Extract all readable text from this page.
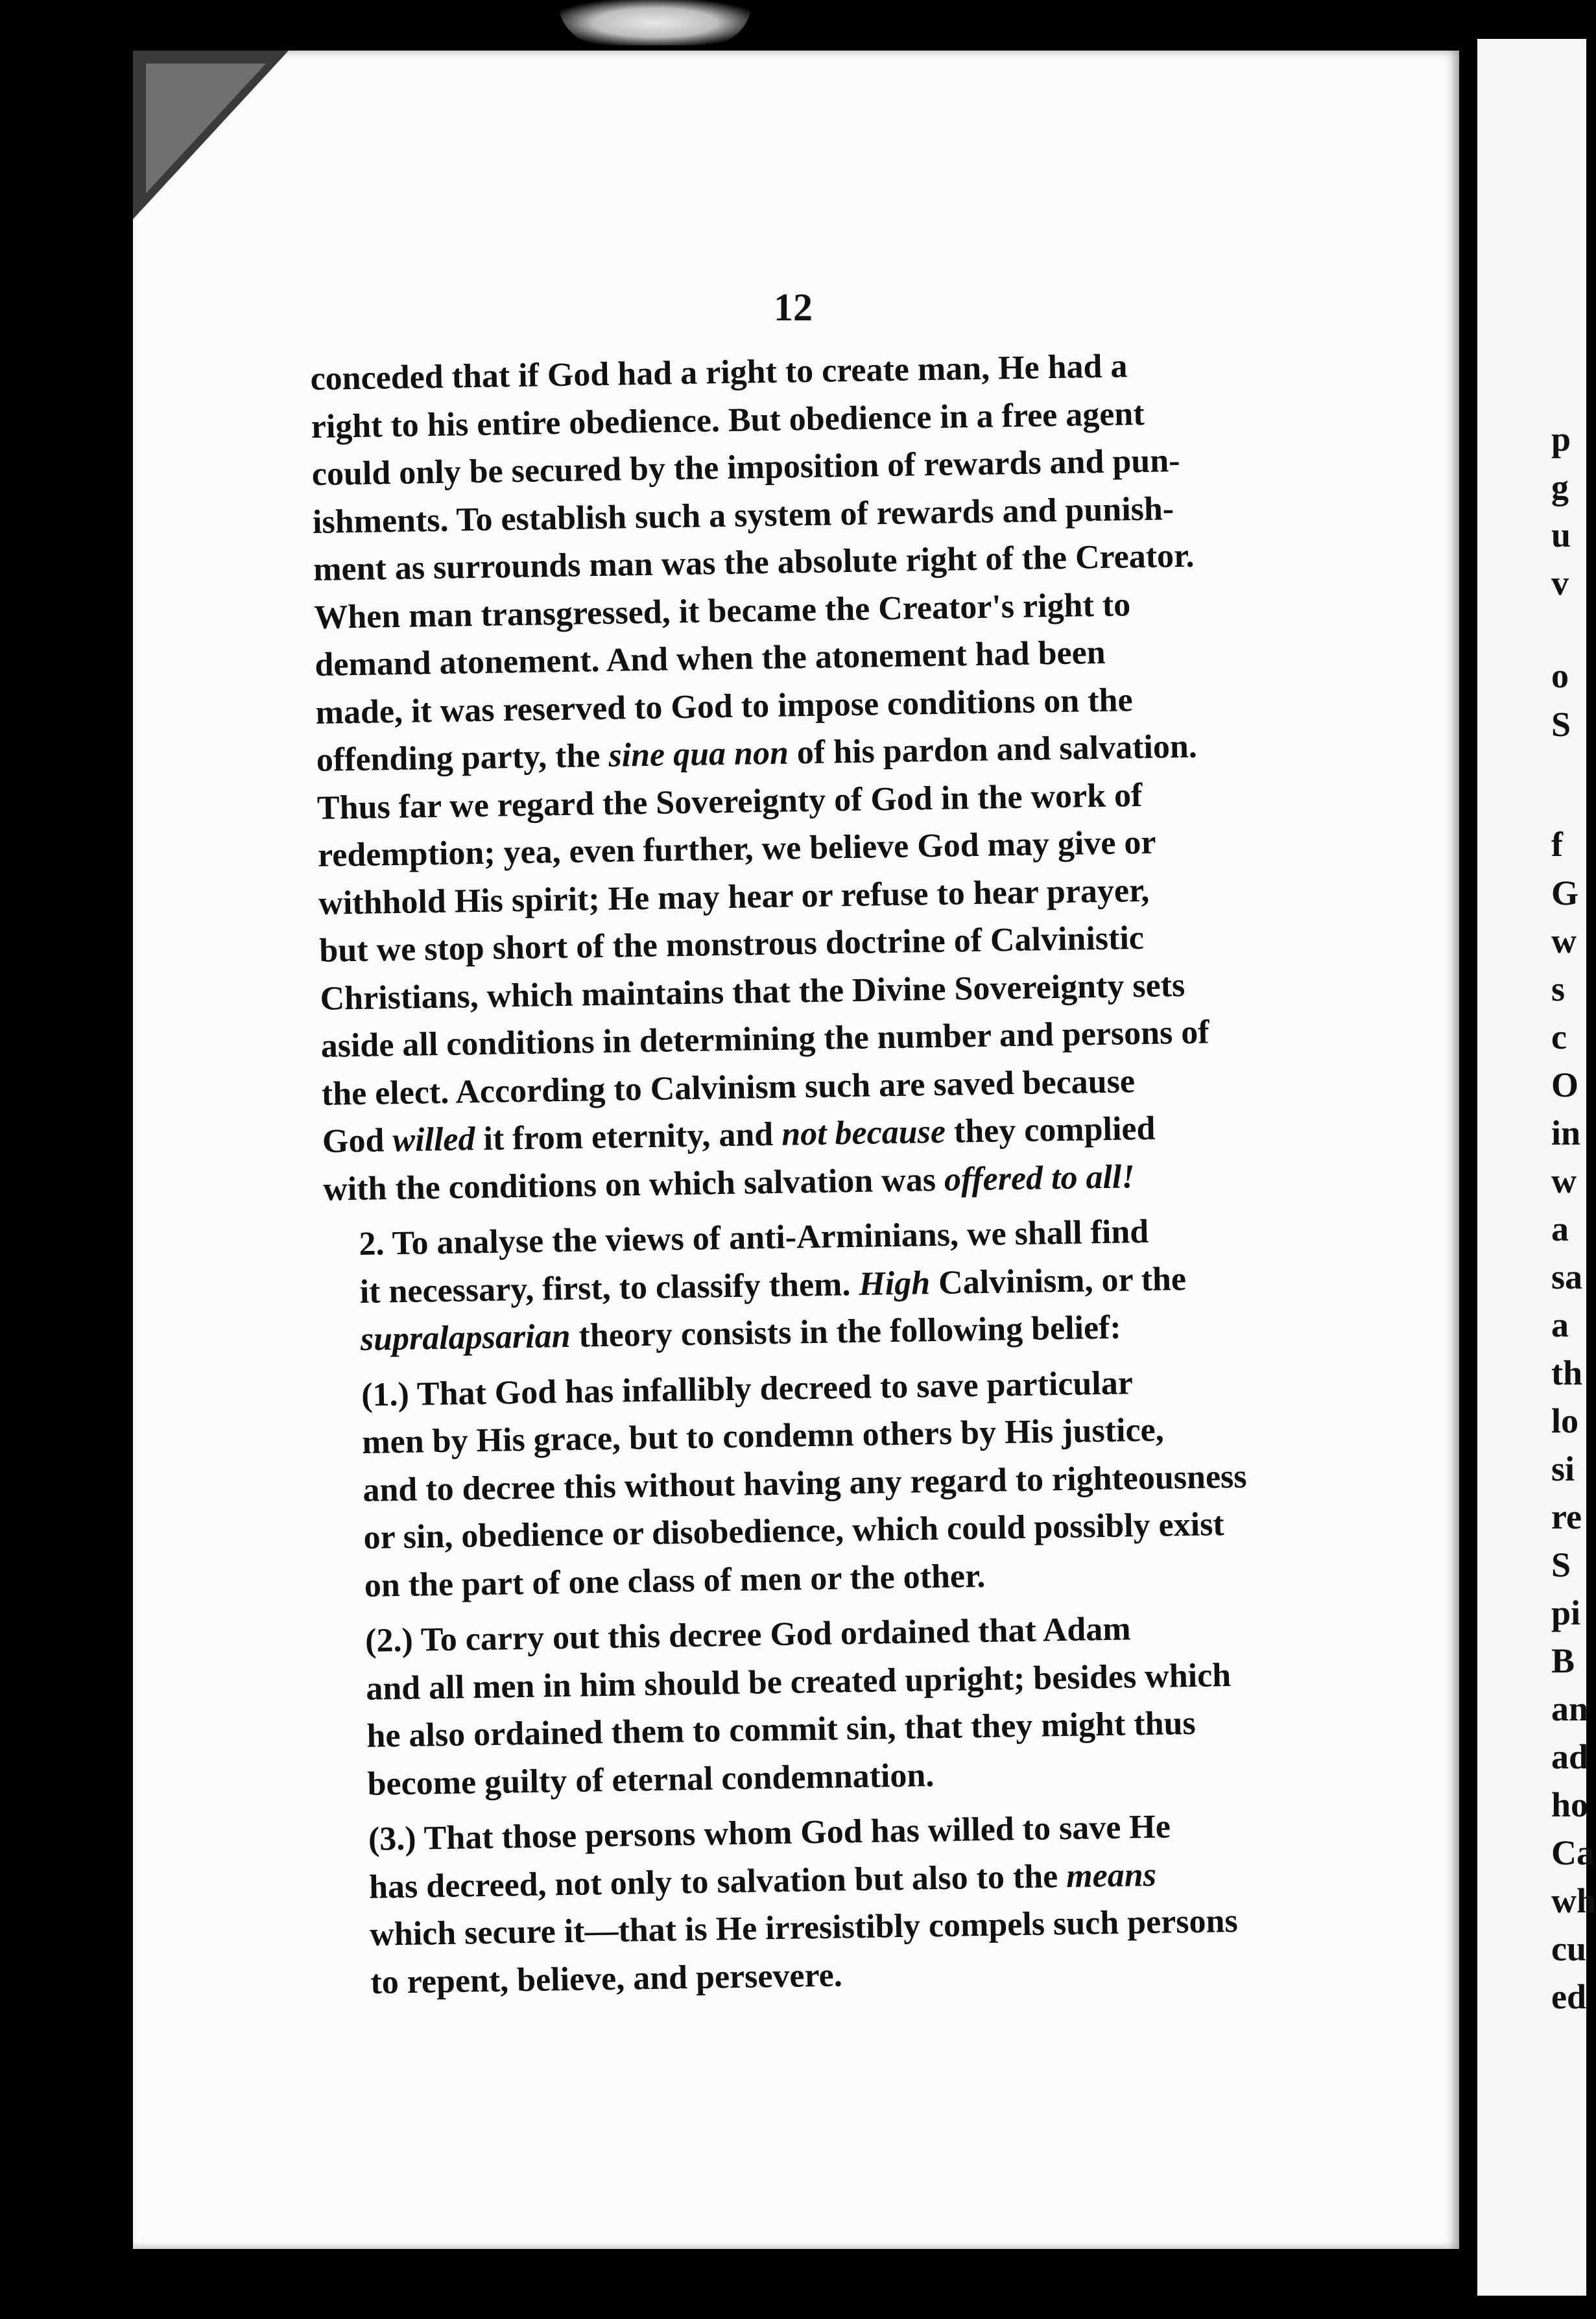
p
g
u
v
o
S
f
G
w
s
c
O
in
w
a
sa
a
th
lo
si
re
S
pi
B
an
ad
ho
Ca
wh
cu
ed
12

conceded that if God had a right to create man, He had a
right to his entire obedience. But obedience in a free agent
could only be secured by the imposition of rewards and pun-
ishments. To establish such a system of rewards and punish-
ment as surrounds man was the absolute right of the Creator.
When man transgressed, it became the Creator's right to
demand atonement. And when the atonement had been
made, it was reserved to God to impose conditions on the
offending party, the sine qua non of his pardon and salvation.
Thus far we regard the Sovereignty of God in the work of
redemption; yea, even further, we believe God may give or
withhold His spirit; He may hear or refuse to hear prayer,
but we stop short of the monstrous doctrine of Calvinistic
Christians, which maintains that the Divine Sovereignty sets
aside all conditions in determining the number and persons of
the elect. According to Calvinism such are saved because
God willed it from eternity, and not because they complied
with the conditions on which salvation was offered to all!

2. To analyse the views of anti-Arminians, we shall find
it necessary, first, to classify them. High Calvinism, or the
supralapsarian theory consists in the following belief:

(1.) That God has infallibly decreed to save particular
men by His grace, but to condemn others by His justice,
and to decree this without having any regard to righteousness
or sin, obedience or disobedience, which could possibly exist
on the part of one class of men or the other.

(2.) To carry out this decree God ordained that Adam
and all men in him should be created upright; besides which
he also ordained them to commit sin, that they might thus
become guilty of eternal condemnation.

(3.) That those persons whom God has willed to save He
has decreed, not only to salvation but also to the means
which secure it—that is He irresistibly compels such persons
to repent, believe, and persevere.
